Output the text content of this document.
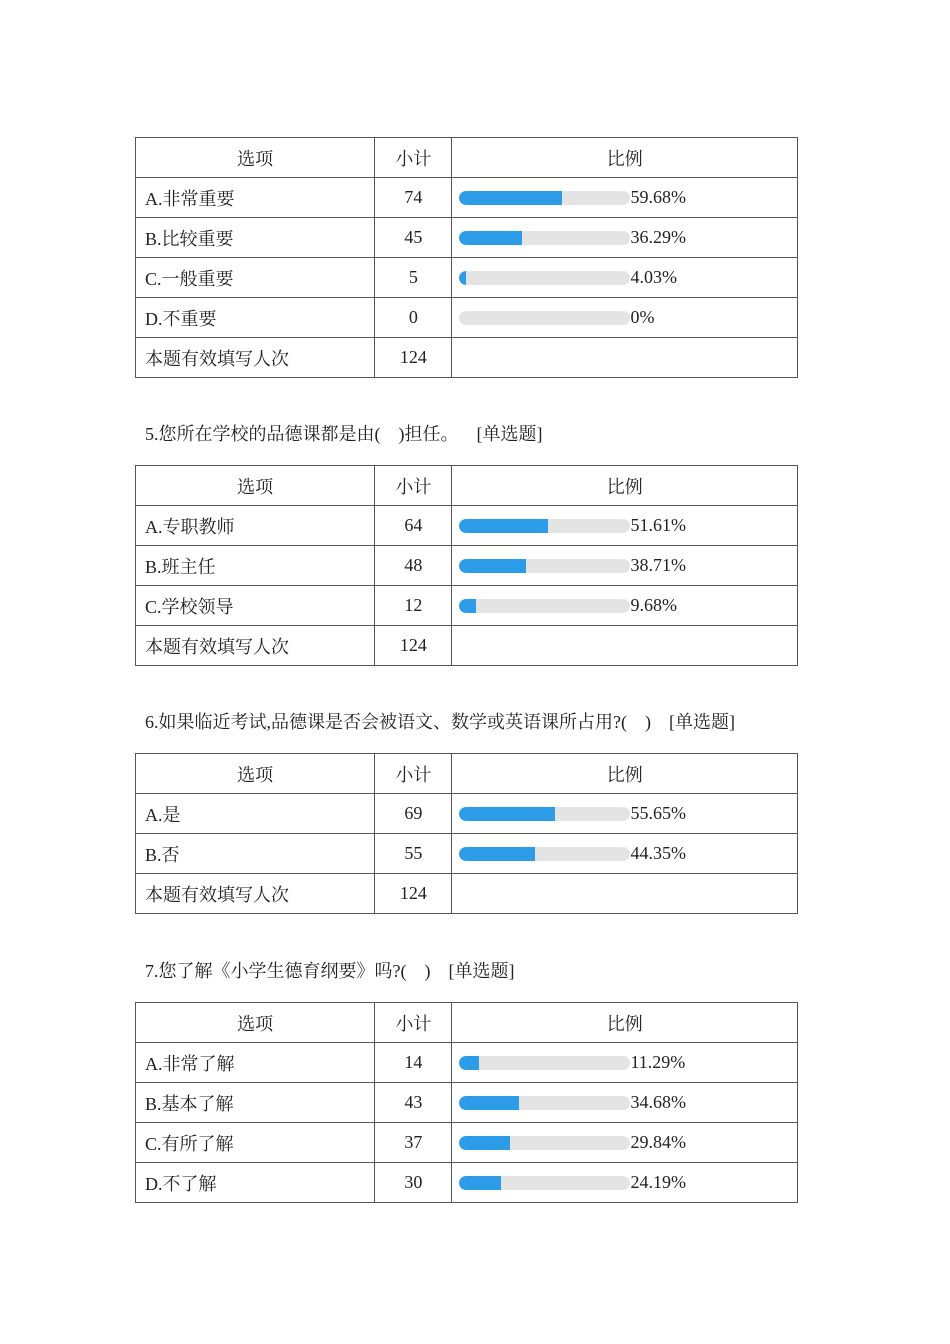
选项	小计	比例
A.非常重要	74	59.68%

B.比较重要	45	36.29%

C.一般重要	5	4.03%

D.不重要	0	0%

本题有效填写人次	124	
5.您所在学校的品德课都是由(　)担任。 [单选题]
选项	小计	比例
A.专职教师	64	51.61%

B.班主任	48	38.71%

C.学校领导	12	9.68%

本题有效填写人次	124	
6.如果临近考试,品德课是否会被语文、数学或英语课所占用?(　) [单选题]
选项	小计	比例
A.是	69	55.65%

B.否	55	44.35%

本题有效填写人次	124	
7.您了解《小学生德育纲要》吗?(　) [单选题]
选项	小计	比例
A.非常了解	14	11.29%

B.基本了解	43	34.68%

C.有所了解	37	29.84%

D.不了解	30	24.19%
